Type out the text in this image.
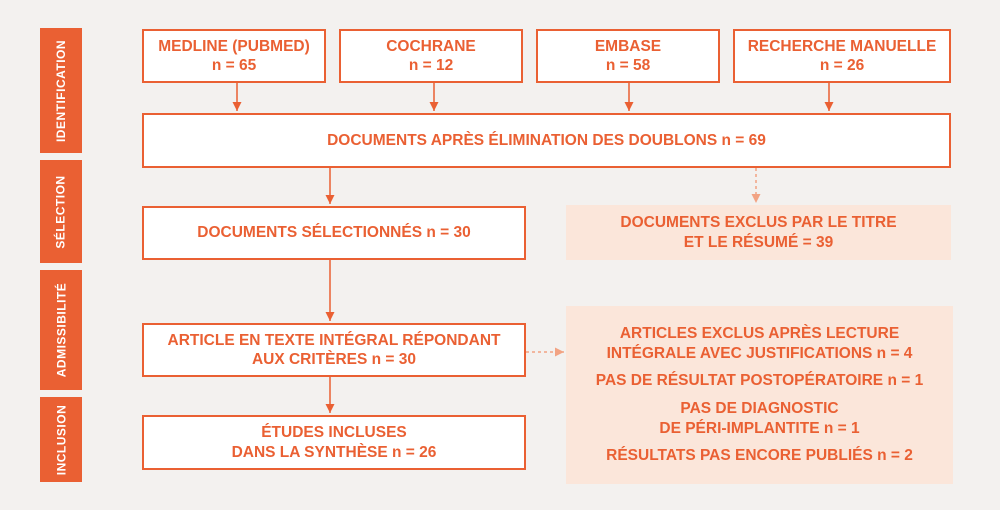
IDENTIFICATION
SÉLECTION
ADMISSIBILITÉ
INCLUSION
MEDLINE (PUBMED)
n = 65
COCHRANE
n = 12
EMBASE
n = 58
RECHERCHE MANUELLE
n = 26
DOCUMENTS APRÈS ÉLIMINATION DES DOUBLONS n = 69
DOCUMENTS SÉLECTIONNÉS n = 30
DOCUMENTS EXCLUS PAR LE TITRE
ET LE RÉSUMÉ = 39
ARTICLE EN TEXTE INTÉGRAL RÉPONDANT
AUX CRITÈRES n = 30
ARTICLES EXCLUS APRÈS LECTURE
INTÉGRALE AVEC JUSTIFICATIONS n = 4
PAS DE RÉSULTAT POSTOPÉRATOIRE n = 1
PAS DE DIAGNOSTIC
DE PÉRI-IMPLANTITE n = 1
RÉSULTATS PAS ENCORE PUBLIÉS n = 2
ÉTUDES INCLUSES
DANS LA SYNTHÈSE n = 26
